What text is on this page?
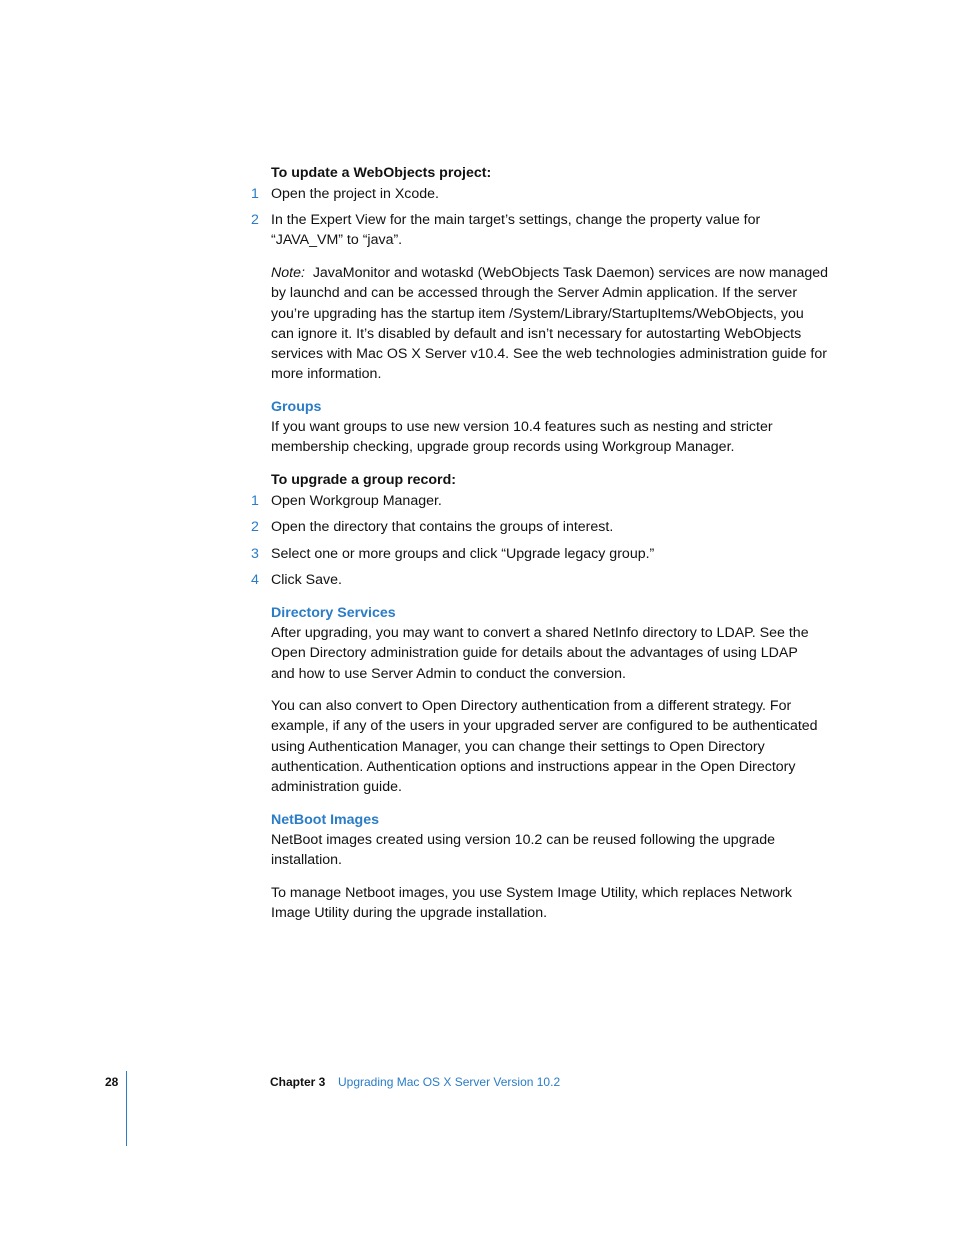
To update a WebObjects project:
1 Open the project in Xcode.
2 In the Expert View for the main target’s settings, change the property value for
“JAVA_VM” to “java”.
Note: JavaMonitor and wotaskd (WebObjects Task Daemon) services are now managed
by launchd and can be accessed through the Server Admin application. If the server
you’re upgrading has the startup item /System/Library/StartupItems/WebObjects, you
can ignore it. It’s disabled by default and isn’t necessary for autostarting WebObjects
services with Mac OS X Server v10.4. See the web technologies administration guide for
more information.
Groups
If you want groups to use new version 10.4 features such as nesting and stricter
membership checking, upgrade group records using Workgroup Manager.
To upgrade a group record:
1 Open Workgroup Manager.
2 Open the directory that contains the groups of interest.
3 Select one or more groups and click “Upgrade legacy group.”
4 Click Save.
Directory Services
After upgrading, you may want to convert a shared NetInfo directory to LDAP. See the
Open Directory administration guide for details about the advantages of using LDAP
and how to use Server Admin to conduct the conversion.
You can also convert to Open Directory authentication from a different strategy. For
example, if any of the users in your upgraded server are configured to be authenticated
using Authentication Manager, you can change their settings to Open Directory
authentication. Authentication options and instructions appear in the Open Directory
administration guide.
NetBoot Images
NetBoot images created using version 10.2 can be reused following the upgrade
installation.
To manage Netboot images, you use System Image Utility, which replaces Network
Image Utility during the upgrade installation.
28	Chapter 3 Upgrading Mac OS X Server Version 10.2
